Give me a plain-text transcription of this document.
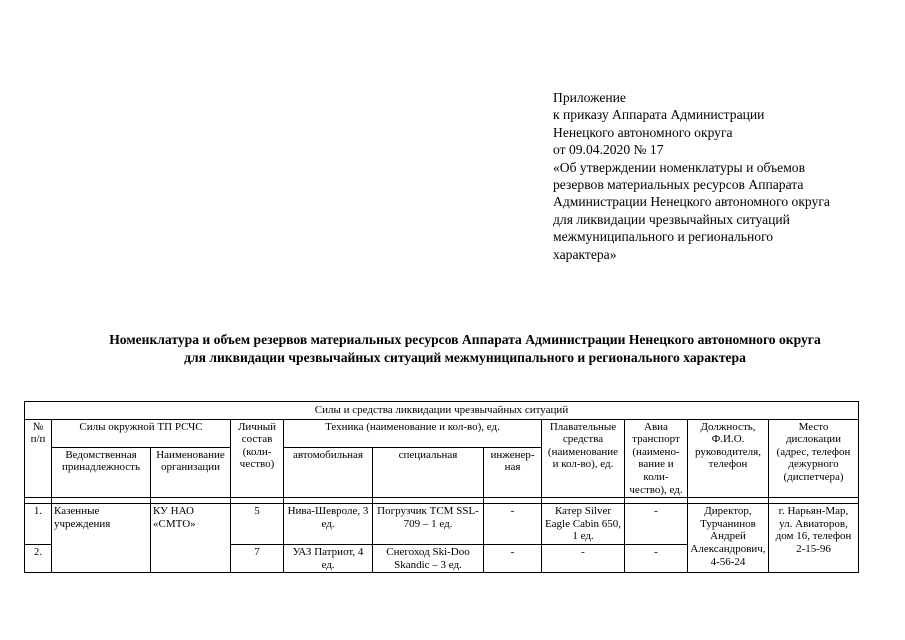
Приложение
к приказу Аппарата Администрации
Ненецкого автономного округа
от 09.04.2020 № 17
«Об утверждении номенклатуры и объемов
резервов материальных ресурсов Аппарата
Администрации Ненецкого автономного округа
для ликвидации чрезвычайных ситуаций
межмуниципального и регионального
характера»
Номенклатура и объем резервов материальных ресурсов Аппарата Администрации Ненецкого автономного округа
для ликвидации чрезвычайных ситуаций межмуниципального и регионального характера
Силы и средства ликвидации чрезвычайных ситуаций										
№ п/п	Силы окружной ТП РСЧС		Личный состав (коли- чество)	Техника (наименование и кол-во), ед.			Плавательные средства (наименование и кол-во), ед.	Авиа транспорт (наимено- вание и коли- чество), ед.	Должность, Ф.И.О. руководителя, телефон	Место дислокации (адрес, телефон дежурного (диспетчера)
	Ведомственная принадлежность	Наименование организации		автомобильная	специальная	инженер- ная				

1.	Казенные учреждения	КУ НАО «СМТО»	5	Нива-Шевроле, 3 ед.	Погрузчик ТСМ SSL-709 – 1 ед.	-	Катер Silver Eagle Cabin 650, 1 ед.	-	Директор, Турчанинов Андрей Александрович, 4-56-24	г. Нарьян-Мар, ул. Авиаторов, дом 16, телефон 2-15-96
2.			7	УАЗ Патриот, 4 ед.	Снегоход Ski-Doo Skandic – 3 ед.	-	-	-		
